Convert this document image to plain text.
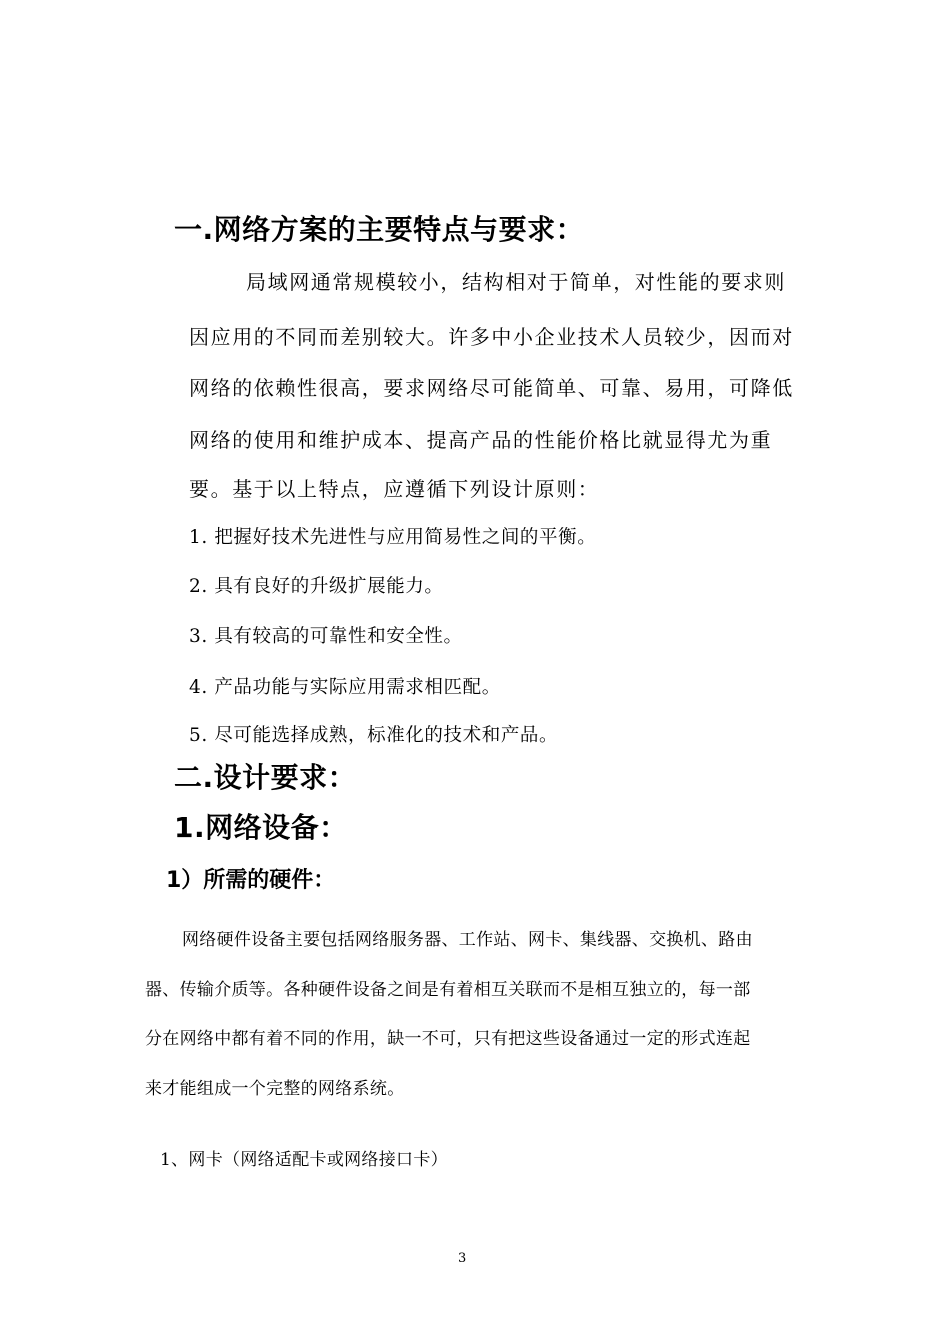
一.网络方案的主要特点与要求：
局域网通常规模较小，结构相对于简单，对性能的要求则
因应用的不同而差别较大。许多中小企业技术人员较少，因而对
网络的依赖性很高，要求网络尽可能简单、可靠、易用，可降低
网络的使用和维护成本、提高产品的性能价格比就显得尤为重
要。基于以上特点，应遵循下列设计原则：
1. 把握好技术先进性与应用简易性之间的平衡。
2. 具有良好的升级扩展能力。
3. 具有较高的可靠性和安全性。
4. 产品功能与实际应用需求相匹配。
5. 尽可能选择成熟，标准化的技术和产品。
二.设计要求：
1.网络设备：
1）所需的硬件：
网络硬件设备主要包括网络服务器、工作站、网卡、集线器、交换机、路由
器、传输介质等。各种硬件设备之间是有着相互关联而不是相互独立的，每一部
分在网络中都有着不同的作用，缺一不可，只有把这些设备通过一定的形式连起
来才能组成一个完整的网络系统。
1、网卡（网络适配卡或网络接口卡）
3
